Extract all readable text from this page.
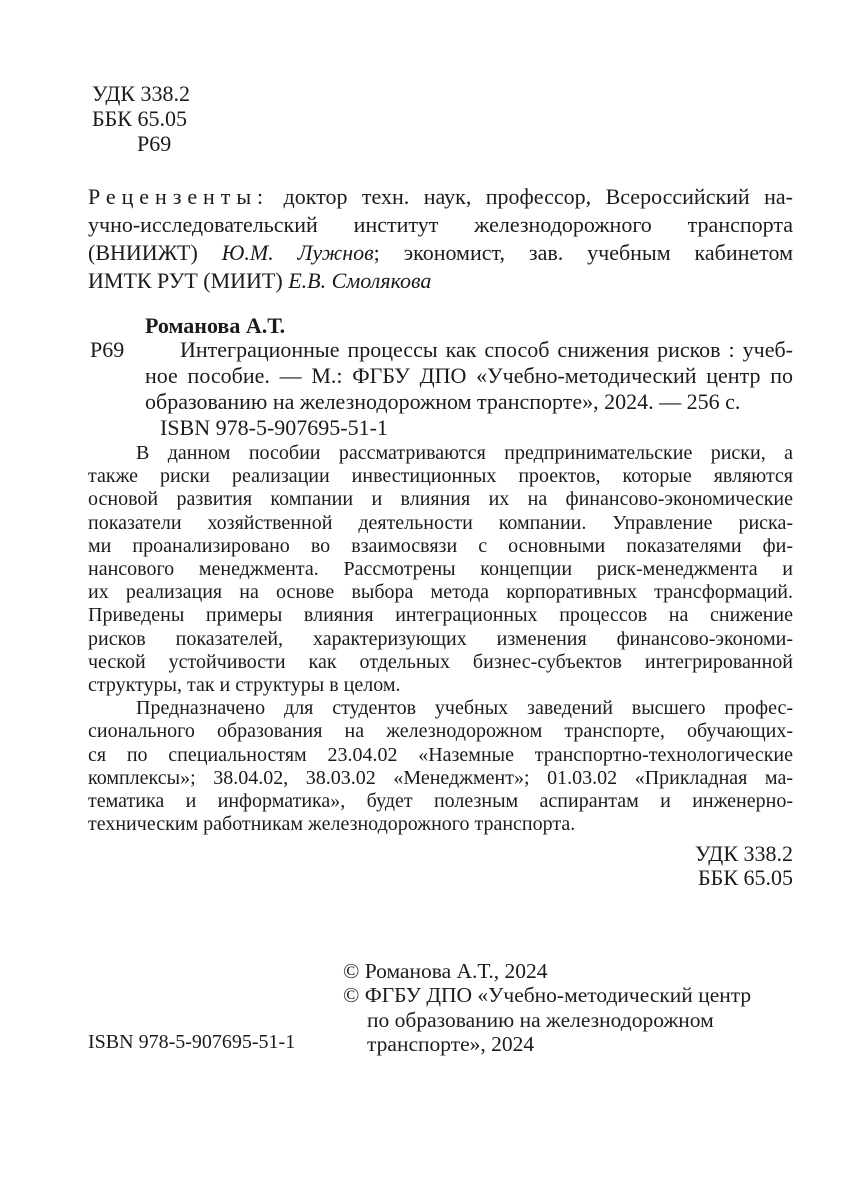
УДК 338.2
ББК 65.05
Р69
Рецензенты: доктор техн. наук, профессор, Всероссийский на-
учно-исследовательский институт железнодорожного транспорта
(ВНИИЖТ) Ю.М. Лужнов; экономист, зав. учебным кабинетом
ИМТК РУТ (МИИТ) Е.В. Смолякова
Романова А.Т.
Р69	Интеграционные процессы как способ снижения рисков : учеб-
ное пособие. — М.: ФГБУ ДПО «Учебно-методический центр по
образованию на железнодорожном транспорте», 2024. — 256 с.
ISBN 978-5-907695-51-1
В данном пособии рассматриваются предпринимательские риски, а
также риски реализации инвестиционных проектов, которые являются
основой развития компании и влияния их на финансово-экономические
показатели хозяйственной деятельности компании. Управление риска-
ми проанализировано во взаимосвязи с основными показателями фи-
нансового менеджмента. Рассмотрены концепции риск-менеджмента и
их реализация на основе выбора метода корпоративных трансформаций.
Приведены примеры влияния интеграционных процессов на снижение
рисков показателей, характеризующих изменения финансово-экономи-
ческой устойчивости как отдельных бизнес-субъектов интегрированной
структуры, так и структуры в целом.
Предназначено для студентов учебных заведений высшего профес-
сионального образования на железнодорожном транспорте, обучающих-
ся по специальностям 23.04.02 «Наземные транспортно-технологические
комплексы»; 38.04.02, 38.03.02 «Менеджмент»; 01.03.02 «Прикладная ма-
тематика и информатика», будет полезным аспирантам и инженерно-
техническим работникам железнодорожного транспорта.
УДК 338.2
ББК 65.05
© Романова А.Т., 2024
© ФГБУ ДПО «Учебно-методический центр
по образованию на железнодорожном
транспорте», 2024
ISBN 978-5-907695-51-1
